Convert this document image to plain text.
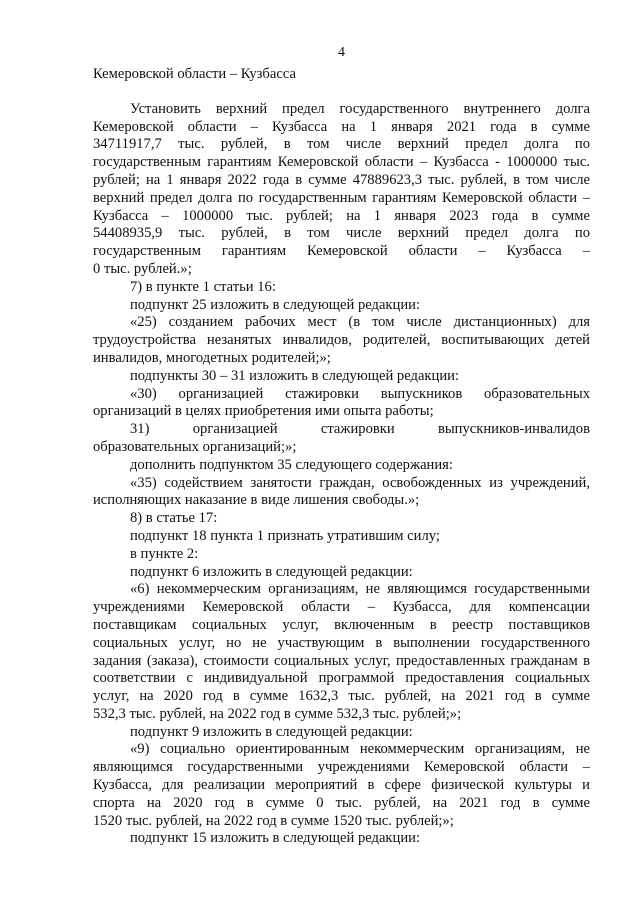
4
Кемеровской области – Кузбасса
Установить верхний предел государственного внутреннего долга
Кемеровской области – Кузбасса на 1 января 2021 года в сумме
34711917,7 тыс. рублей, в том числе верхний предел долга по
государственным гарантиям Кемеровской области – Кузбасса - 1000000 тыс.
рублей; на 1 января 2022 года в сумме 47889623,3 тыс. рублей, в том числе
верхний предел долга по государственным гарантиям Кемеровской области –
Кузбасса – 1000000 тыс. рублей; на 1 января 2023 года в сумме
54408935,9 тыс. рублей, в том числе верхний предел долга по
государственным гарантиям Кемеровской области – Кузбасса –
0 тыс. рублей.»;
7) в пункте 1 статьи 16:
подпункт 25 изложить в следующей редакции:
«25) созданием рабочих мест (в том числе дистанционных) для
трудоустройства незанятых инвалидов, родителей, воспитывающих детей
инвалидов, многодетных родителей;»;
подпункты 30 – 31 изложить в следующей редакции:
«30) организацией стажировки выпускников образовательных
организаций в целях приобретения ими опыта работы;
31) организацией стажировки выпускников-инвалидов
образовательных организаций;»;
дополнить подпунктом 35 следующего содержания:
«35) содействием занятости граждан, освобожденных из учреждений,
исполняющих наказание в виде лишения свободы.»;
8) в статье 17:
подпункт 18 пункта 1 признать утратившим силу;
в пункте 2:
подпункт 6 изложить в следующей редакции:
«6) некоммерческим организациям, не являющимся государственными
учреждениями Кемеровской области – Кузбасса, для компенсации
поставщикам социальных услуг, включенным в реестр поставщиков
социальных услуг, но не участвующим в выполнении государственного
задания (заказа), стоимости социальных услуг, предоставленных гражданам в
соответствии с индивидуальной программой предоставления социальных
услуг, на 2020 год в сумме 1632,3 тыс. рублей, на 2021 год в сумме
532,3 тыс. рублей, на 2022 год в сумме 532,3 тыс. рублей;»;
подпункт 9 изложить в следующей редакции:
«9) социально ориентированным некоммерческим организациям, не
являющимся государственными учреждениями Кемеровской области –
Кузбасса, для реализации мероприятий в сфере физической культуры и
спорта на 2020 год в сумме 0 тыс. рублей, на 2021 год в сумме
1520 тыс. рублей, на 2022 год в сумме 1520 тыс. рублей;»;
подпункт 15 изложить в следующей редакции:
